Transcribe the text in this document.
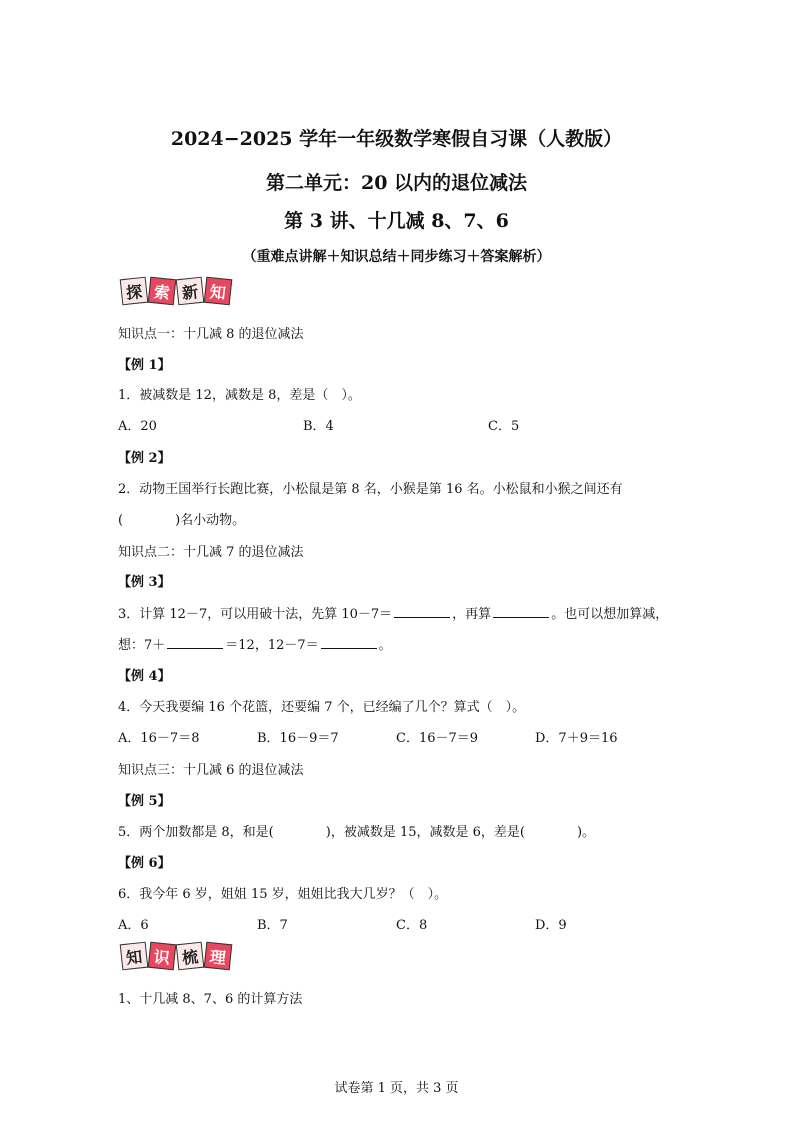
2024−2025 学年一年级数学寒假自习课（人教版）
第二单元：20 以内的退位减法
第 3 讲、十几减 8、7、6
（重难点讲解＋知识总结＋同步练习＋答案解析）
探 索 新 知
知识点一：十几减 8 的退位减法
【例 1】
1．被减数是 12，减数是 8，差是（　）。
A．20	B．4	C．5
【例 2】
2．动物王国举行长跑比赛，小松鼠是第 8 名，小猴是第 16 名。小松鼠和小猴之间还有
(　　　　)名小动物。
知识点二：十几减 7 的退位减法
【例 3】
3．计算 12－7，可以用破十法，先算 10－7＝	，再算	。也可以想加算减，
想：7＋	＝12，12－7＝	。
【例 4】
4．今天我要编 16 个花篮，还要编 7 个，已经编了几个？算式（　）。
A．16－7＝8	B．16－9＝7	C．16－7＝9	D．7＋9＝16
知识点三：十几减 6 的退位减法
【例 5】
5．两个加数都是 8，和是(　　　　)，被减数是 15，减数是 6，差是(　　　　)。
【例 6】
6．我今年 6 岁，姐姐 15 岁，姐姐比我大几岁？（　）。
A．6	B．7	C．8	D．9
知 识 梳 理
1、十几减 8、7、6 的计算方法
试卷第 1 页，共 3 页
